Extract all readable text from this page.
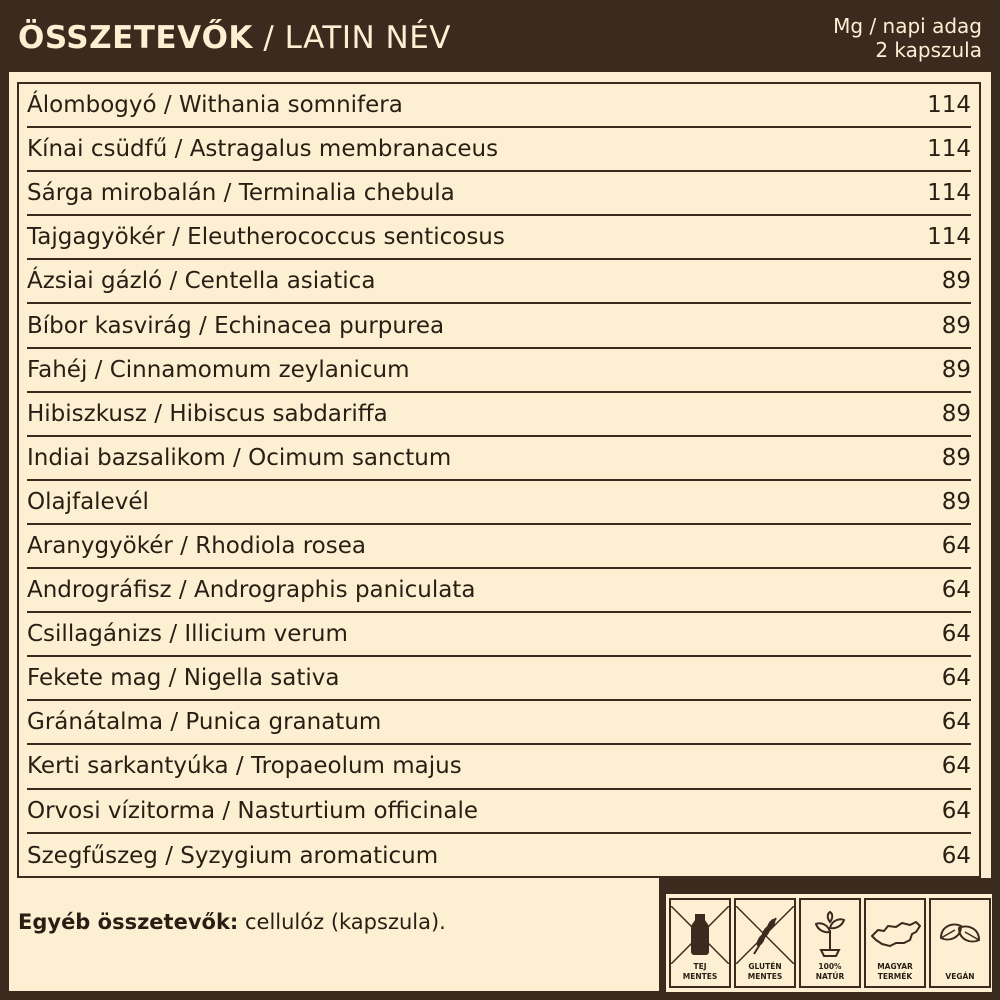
ÖSSZETEVŐK / LATIN NÉV	Mg / napi adag
2 kapszula
Álombogyó / Withania somnifera	114
Kínai csüdfű / Astragalus membranaceus	114
Sárga mirobalán / Terminalia chebula	114
Tajgagyökér / Eleutherococcus senticosus	114
Ázsiai gázló / Centella asiatica	89
Bíbor kasvirág / Echinacea purpurea	89
Fahéj / Cinnamomum zeylanicum	89
Hibiszkusz / Hibiscus sabdariffa	89
Indiai bazsalikom / Ocimum sanctum	89
Olajfalevél	89
Aranygyökér / Rhodiola rosea	64
Andrográfisz / Andrographis paniculata	64
Csillagánizs / Illicium verum	64
Fekete mag / Nigella sativa	64
Gránátalma / Punica granatum	64
Kerti sarkantyúka / Tropaeolum majus	64
Orvosi vízitorma / Nasturtium officinale	64
Szegfűszeg / Syzygium aromaticum	64
Egyéb összetevők: cellulóz (kapszula).
TEJ
MENTES
GLUTÉN
MENTES
100%
NATÚR
MAGYAR
TERMÉK	VEGÁN
